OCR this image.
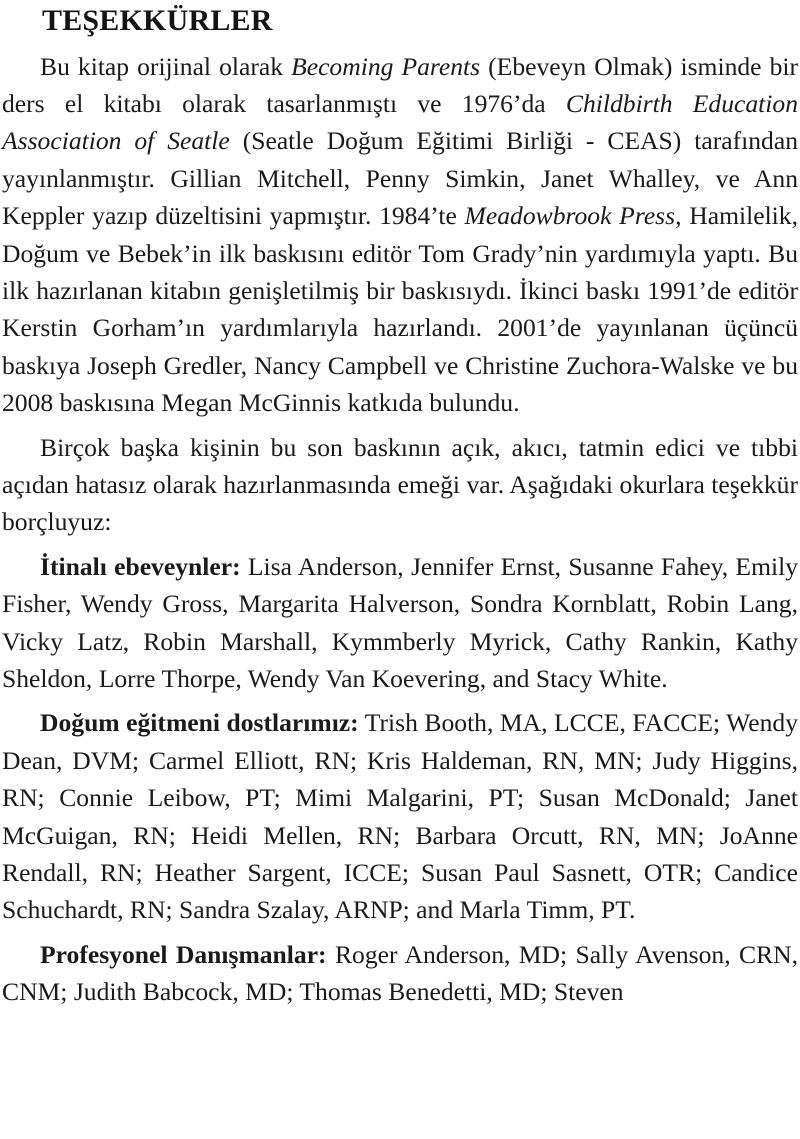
TEŞEKKÜRLER

Bu kitap orijinal olarak Becoming Parents (Ebeveyn Olmak) isminde bir ders el kitabı olarak tasarlanmıştı ve 1976’da Childbirth Education Association of Seatle (Seatle Doğum Eğitimi Birliği - CEAS) tarafından yayınlanmıştır. Gillian Mitchell, Penny Simkin, Janet Whalley, ve Ann Keppler yazıp düzeltisini yapmıştır. 1984’te Meadowbrook Press, Hamilelik, Doğum ve Bebek’in ilk baskısını editör Tom Grady’nin yardımıyla yaptı. Bu ilk hazırlanan kitabın genişletilmiş bir baskısıydı. İkinci baskı 1991’de editör Kerstin Gorham’ın yardımlarıyla hazırlandı. 2001’de yayınlanan üçüncü baskıya Joseph Gredler, Nancy Campbell ve Christine Zuchora-Walske ve bu 2008 baskısına Megan McGinnis katkıda bulundu.

Birçok başka kişinin bu son baskının açık, akıcı, tatmin edici ve tıbbi açıdan hatasız olarak hazırlanmasında emeği var. Aşağıdaki okurlara teşekkür borçluyuz:

İtinalı ebeveynler: Lisa Anderson, Jennifer Ernst, Susanne Fahey, Emily Fisher, Wendy Gross, Margarita Halverson, Sondra Kornblatt, Robin Lang, Vicky Latz, Robin Marshall, Kymmberly Myrick, Cathy Rankin, Kathy Sheldon, Lorre Thorpe, Wendy Van Koevering, and Stacy White.

Doğum eğitmeni dostlarımız: Trish Booth, MA, LCCE, FACCE; Wendy Dean, DVM; Carmel Elliott, RN; Kris Haldeman, RN, MN; Judy Higgins, RN; Connie Leibow, PT; Mimi Malgarini, PT; Susan McDonald; Janet McGuigan, RN; Heidi Mellen, RN; Barbara Orcutt, RN, MN; JoAnne Rendall, RN; Heather Sargent, ICCE; Susan Paul Sasnett, OTR; Candice Schuchardt, RN; Sandra Szalay, ARNP; and Marla Timm, PT.

Profesyonel Danışmanlar: Roger Anderson, MD; Sally Avenson, CRN, CNM; Judith Babcock, MD; Thomas Benedetti, MD; Steven
